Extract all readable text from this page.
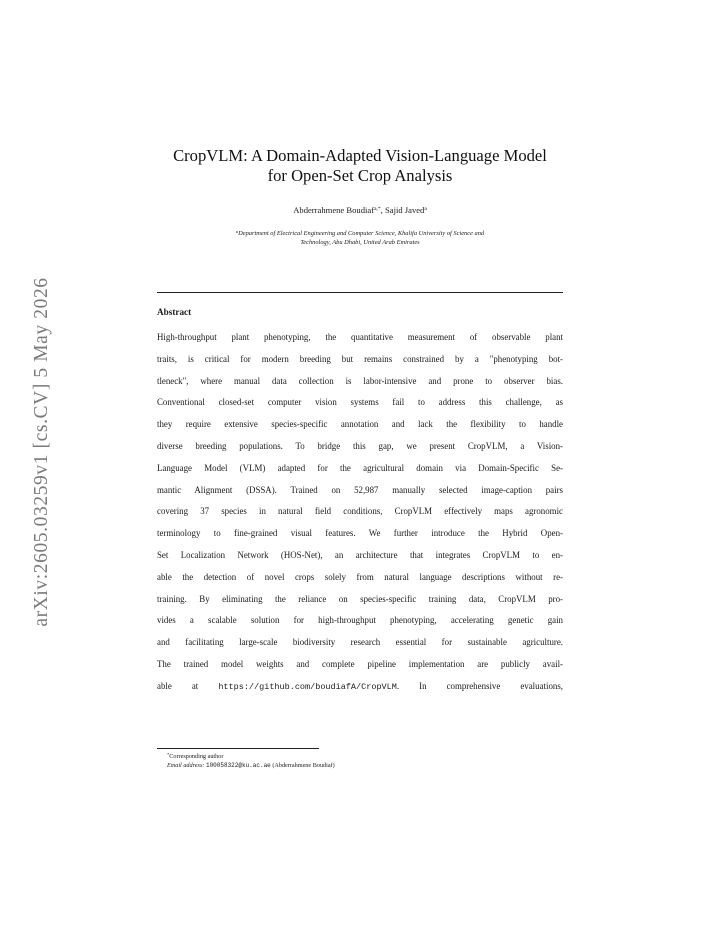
arXiv:2605.03259v1 [cs.CV] 5 May 2026
CropVLM: A Domain-Adapted Vision-Language Model
for Open-Set Crop Analysis
Abderrahmene Boudiaf$^{a,*}$, Sajid Javed$^a$
$^a$Department of Electrical Engineering and Computer Science, Khalifa University of Science and
Technology, Abu Dhabi, United Arab Emirates
Abstract
High-throughput plant phenotyping, the quantitative measurement of observable plant
traits, is critical for modern breeding but remains constrained by a "phenotyping bot-
tleneck", where manual data collection is labor-intensive and prone to observer bias.
Conventional closed-set computer vision systems fail to address this challenge, as
they require extensive species-specific annotation and lack the flexibility to handle
diverse breeding populations. To bridge this gap, we present CropVLM, a Vision-
Language Model (VLM) adapted for the agricultural domain via Domain-Specific Se-
mantic Alignment (DSSA). Trained on 52,987 manually selected image-caption pairs
covering 37 species in natural field conditions, CropVLM effectively maps agronomic
terminology to fine-grained visual features. We further introduce the Hybrid Open-
Set Localization Network (HOS-Net), an architecture that integrates CropVLM to en-
able the detection of novel crops solely from natural language descriptions without re-
training. By eliminating the reliance on species-specific training data, CropVLM pro-
vides a scalable solution for high-throughput phenotyping, accelerating genetic gain
and facilitating large-scale biodiversity research essential for sustainable agriculture.
The trained model weights and complete pipeline implementation are publicly avail-
able at https://github.com/boudiafA/CropVLM. In comprehensive evaluations,
*Corresponding author
Email address: 100058322@ku.ac.ae (Abderrahmene Boudiaf)
